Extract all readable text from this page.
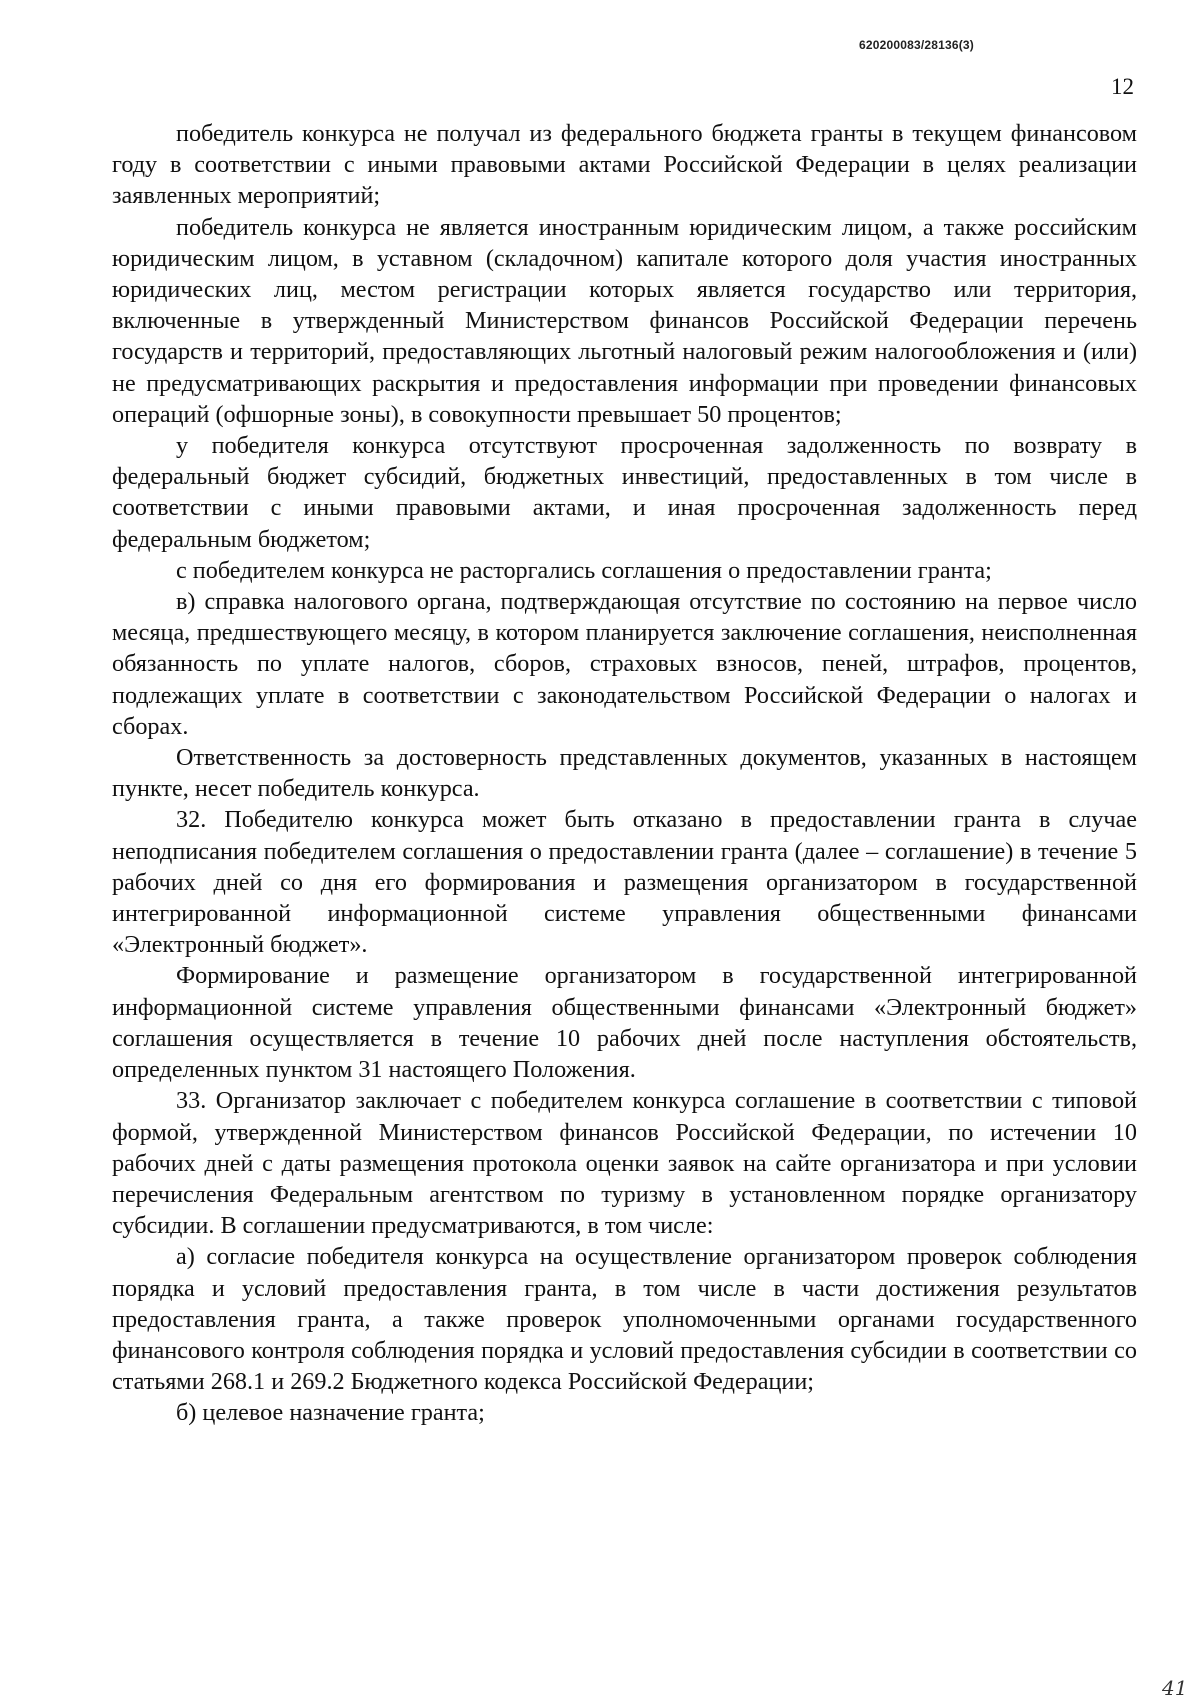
620200083/28136(3)
12

победитель конкурса не получал из федерального бюджета гранты в текущем финансовом году в соответствии с иными правовыми актами Российской Федерации в целях реализации заявленных мероприятий;

победитель конкурса не является иностранным юридическим лицом, а также российским юридическим лицом, в уставном (складочном) капитале которого доля участия иностранных юридических лиц, местом регистрации которых является государство или территория, включенные в утвержденный Министерством финансов Российской Федерации перечень государств и территорий, предоставляющих льготный налоговый режим налогообложения и (или) не предусматривающих раскрытия и предоставления информации при проведении финансовых операций (офшорные зоны), в совокупности превышает 50 процентов;

у победителя конкурса отсутствуют просроченная задолженность по возврату в федеральный бюджет субсидий, бюджетных инвестиций, предоставленных в том числе в соответствии с иными правовыми актами, и иная просроченная задолженность перед федеральным бюджетом;

с победителем конкурса не расторгались соглашения о предоставлении гранта;

в) справка налогового органа, подтверждающая отсутствие по состоянию на первое число месяца, предшествующего месяцу, в котором планируется заключение соглашения, неисполненная обязанность по уплате налогов, сборов, страховых взносов, пеней, штрафов, процентов, подлежащих уплате в соответствии с законодательством Российской Федерации о налогах и сборах.

Ответственность за достоверность представленных документов, указанных в настоящем пункте, несет победитель конкурса.

32. Победителю конкурса может быть отказано в предоставлении гранта в случае неподписания победителем соглашения о предоставлении гранта (далее – соглашение) в течение 5 рабочих дней со дня его формирования и размещения организатором в государственной интегрированной информационной системе управления общественными финансами «Электронный бюджет».

Формирование и размещение организатором в государственной интегрированной информационной системе управления общественными финансами «Электронный бюджет» соглашения осуществляется в течение 10 рабочих дней после наступления обстоятельств, определенных пунктом 31 настоящего Положения.

33. Организатор заключает с победителем конкурса соглашение в соответствии с типовой формой, утвержденной Министерством финансов Российской Федерации, по истечении 10 рабочих дней с даты размещения протокола оценки заявок на сайте организатора и при условии перечисления Федеральным агентством по туризму в установленном порядке организатору субсидии. В соглашении предусматриваются, в том числе:

а) согласие победителя конкурса на осуществление организатором проверок соблюдения порядка и условий предоставления гранта, в том числе в части достижения результатов предоставления гранта, а также проверок уполномоченными органами государственного финансового контроля соблюдения порядка и условий предоставления субсидии в соответствии со статьями 268.1 и 269.2 Бюджетного кодекса Российской Федерации;

б) целевое назначение гранта;

41
